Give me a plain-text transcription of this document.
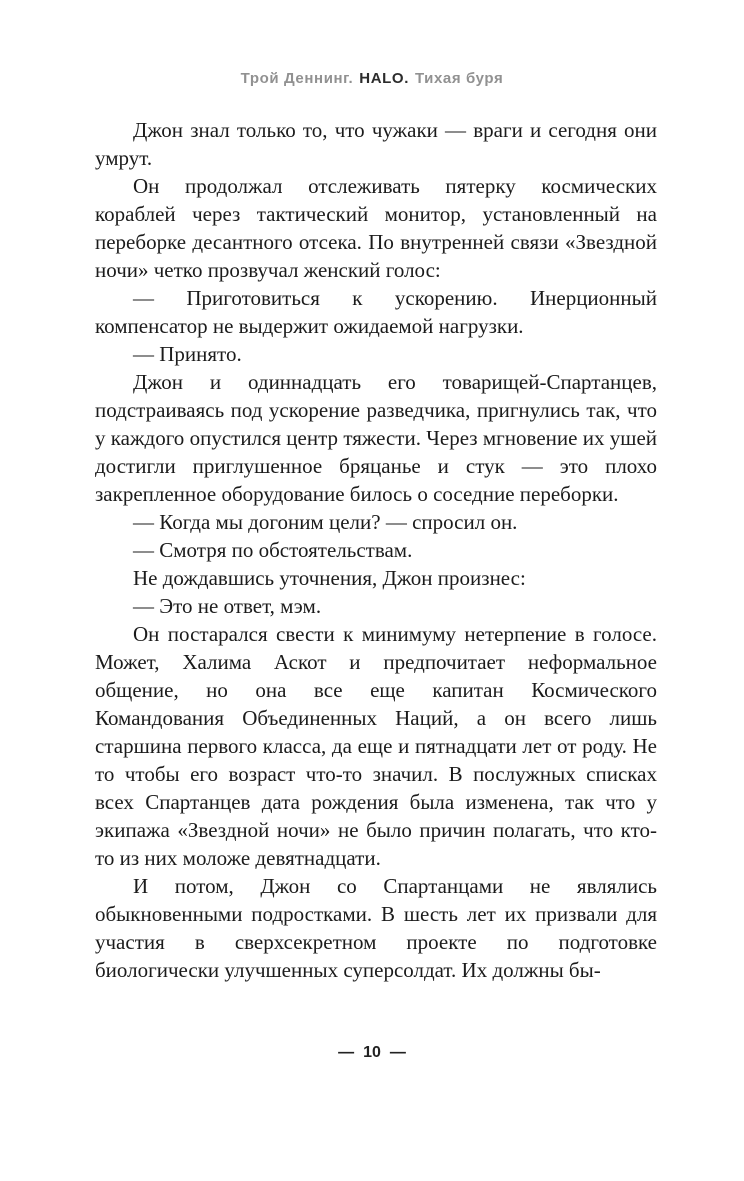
Трой Деннинг. HALO. Тихая буря

Джон знал только то, что чужаки — враги и сегодня они умрут.

Он продолжал отслеживать пятерку космических кораблей через тактический монитор, установленный на переборке десантного отсека. По внутренней связи «Звездной ночи» четко прозвучал женский голос:

— Приготовиться к ускорению. Инерционный компенсатор не выдержит ожидаемой нагрузки.

— Принято.

Джон и одиннадцать его товарищей-Спартанцев, подстраиваясь под ускорение разведчика, пригнулись так, что у каждого опустился центр тяжести. Через мгновение их ушей достигли приглушенное бряцанье и стук — это плохо закрепленное оборудование билось о соседние переборки.

— Когда мы догоним цели? — спросил он.

— Смотря по обстоятельствам.

Не дождавшись уточнения, Джон произнес:

— Это не ответ, мэм.

Он постарался свести к минимуму нетерпение в голосе. Может, Халима Аскот и предпочитает неформальное общение, но она все еще капитан Космического Командования Объединенных Наций, а он всего лишь старшина первого класса, да еще и пятнадцати лет от роду. Не то чтобы его возраст что-то значил. В послужных списках всех Спартанцев дата рождения была изменена, так что у экипажа «Звездной ночи» не было причин полагать, что кто-то из них моложе девятнадцати.

И потом, Джон со Спартанцами не являлись обыкновенными подростками. В шесть лет их призвали для участия в сверхсекретном проекте по подготовке биологически улучшенных суперсолдат. Их должны бы-

— 10 —
